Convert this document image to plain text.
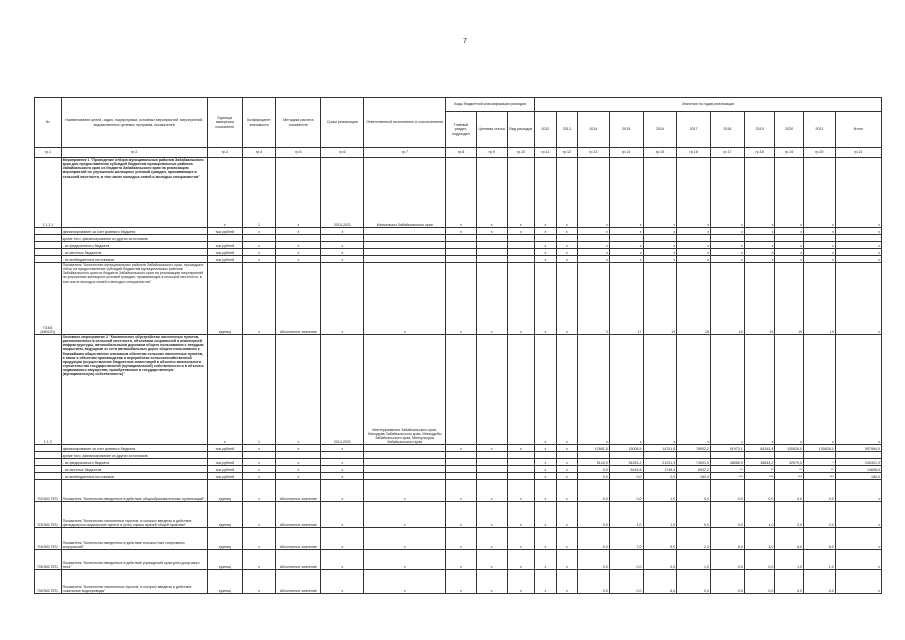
7
№	Наименование целей, задач, подпрограмм, основных мероприятий, мероприятий, ведомственных целевых программ, показателей	Единица измерения показателя	Коэффициент значимости	Методика расчета показателя	Сроки реализации	Ответственный исполнитель и соисполнители	Коды бюджетной классификации расходов			Значения по годам реализации										
							Главный раздел, подраздел	Целевая статья	Вид расходов	2012	2013	2014	2015	2016	2017	2018	2019	2020	2021	Итого
гр.1	гр.2	гр.3	гр.4	гр.5	гр.6	гр.7	гр.8	гр.9	гр.10	гр.11	гр.12	гр.13	гр.14	гр.15	гр.16	гр.17	гр.18	гр.19	гр.20	гр.21
1.1.1.1	Мероприятие 1 "Проведение отбора муниципальных районов Забайкальского края для предоставления субсидий бюджетам муниципальных районов Забайкальского края из бюджета Забайкальского края на реализацию мероприятий по улучшению жилищных условий граждан, проживающих в сельской местности, в том числе молодых семей и молодых специалистов"	х	1	х	2015-2021	Минсельхоз Забайкальского края	х	х	х	х	х	х	х	х	х	х	х	х	х	х
	финансирование за счет краевого бюджета	тыс.рублей	х	х	х		х	х	х	х	х	х	х	х	х	х	х	х	х	х
	кроме того, финансирование из других источников:																			
	- из федерального бюджета	тыс.рублей	х	х	х					х	х	х	х	х	х	х	х	х	х	х
	- из местных бюджетов	тыс.рублей	х	х	х					х	х	х	х	х	х	х	х	х	х	х
	- из внебюджетных источников	тыс.рублей	х	х	х					х	х	х	х	х	х	х	х	х	х	х
П1М1 (ММ1Л1)	Показатель "Количество муниципальных районов Забайкальского края, прошедших отбор на предоставление субсидий бюджетам муниципальных районов Забайкальского края из бюджета Забайкальского края на реализацию мероприятий по улучшению жилищных условий граждан, проживающих в сельской местности, в том числе молодых семей и молодых специалистов"	единиц	х	Абсолютное значение	х	х	х	х	х	х	х	3	17	19	18	19	19	19	19	х
1.1.2	Основное мероприятие 2 "Комплексное обустройство населенных пунктов, расположенных в сельской местности, объектами социальной и инженерной инфраструктуры, автомобильными дорогами общего пользования с твердым покрытием, ведущими от сети автомобильных дорог общего пользования к ближайшим общественно значимым объектам сельских населенных пунктов, а также к объектам производства и переработки сельскохозяйственной продукции (осуществление бюджетных инвестиций в объекты капитального строительства государственной (муниципальной) собственности и в объекты недвижимого имущества, приобретаемые в государственную (муниципальную) собственность)"	х	1	х	2014-2021	Минтерразвития Забайкальского края, Минздрав Забайкальского края, Минсудьбы Забайкальского края, Минкультуры Забайкальского края				х	х	х	х	х	х	х	х	х	х	х
	финансирование за счет краевого бюджета	тыс.рублей	х	х	х		х	х	х	х	х	12881,5	15008,9	14701,8	78902,2	91973,1	84161,4	130628,0	130628,0	557984,9
	кроме того, финансирование из других источников:																			
	- из федерального бюджета	тыс.рублей	х	х	х					х	х	5143,0	34251,2	21231,3	74591,3	48568,9	36844,2	32979,0	*	245301,9
	- из местных бюджетов	тыс.рублей	х	х	х					х	х	0,0	6416,8	1748,4	6532,2	**	**	**	**	14698,6
	- из внебюджетных источников	тыс.рублей	х	х	х					х	х	0,0	0,0	0,0	180,0	***	***	***	***	180,0
П2ОМ2 ПП1	Показатель "Количество введенных в действие общеобразовательных организаций"	единиц	х	Абсолютное значение	х	х	х	х	х	х	х	0,0	0,0	1,0	0,0	0,0	0,0	0,0	0,0	х
П3ОМ2 ПП1	Показатель "Количество населенных пунктов, в которых введены в действие фельдшерско-акушерские пункты и (или) офисы врачей общей практики"	единиц	х	Абсолютное значение	х	х	х	х	х	х	х	0,0	1,0	1,0	0,0	0,0	1,0	2,0	2,0	х
П4ОМ2 ПП1	Показатель "Количество введенных в действие плоскостных спортивных сооружений"	единиц	х	Абсолютное значение	х	х	х	х	х	х	х	0,0	7,0	5,0	2,0	8,0	3,0	8,0	8,0	х
П5ОМ2 ПП1	Показатель "Количество введенных в действие учреждений культурно-досугового типа"	единиц	х	Абсолютное значение	х	х	х	х	х	х	х	0,0	0,0	0,0	1,0	0,0	0,0	1,0	1,0	х
П6ОМ2 ПП1	Показатель "Количество населенных пунктов, в которых введены в действие локальные водопроводы"	единиц	х	Абсолютное значение	х	х	х	х	х	х	х	0,0	0,0	6,0	0,0	0,0	0,0	0,0	0,0	х
